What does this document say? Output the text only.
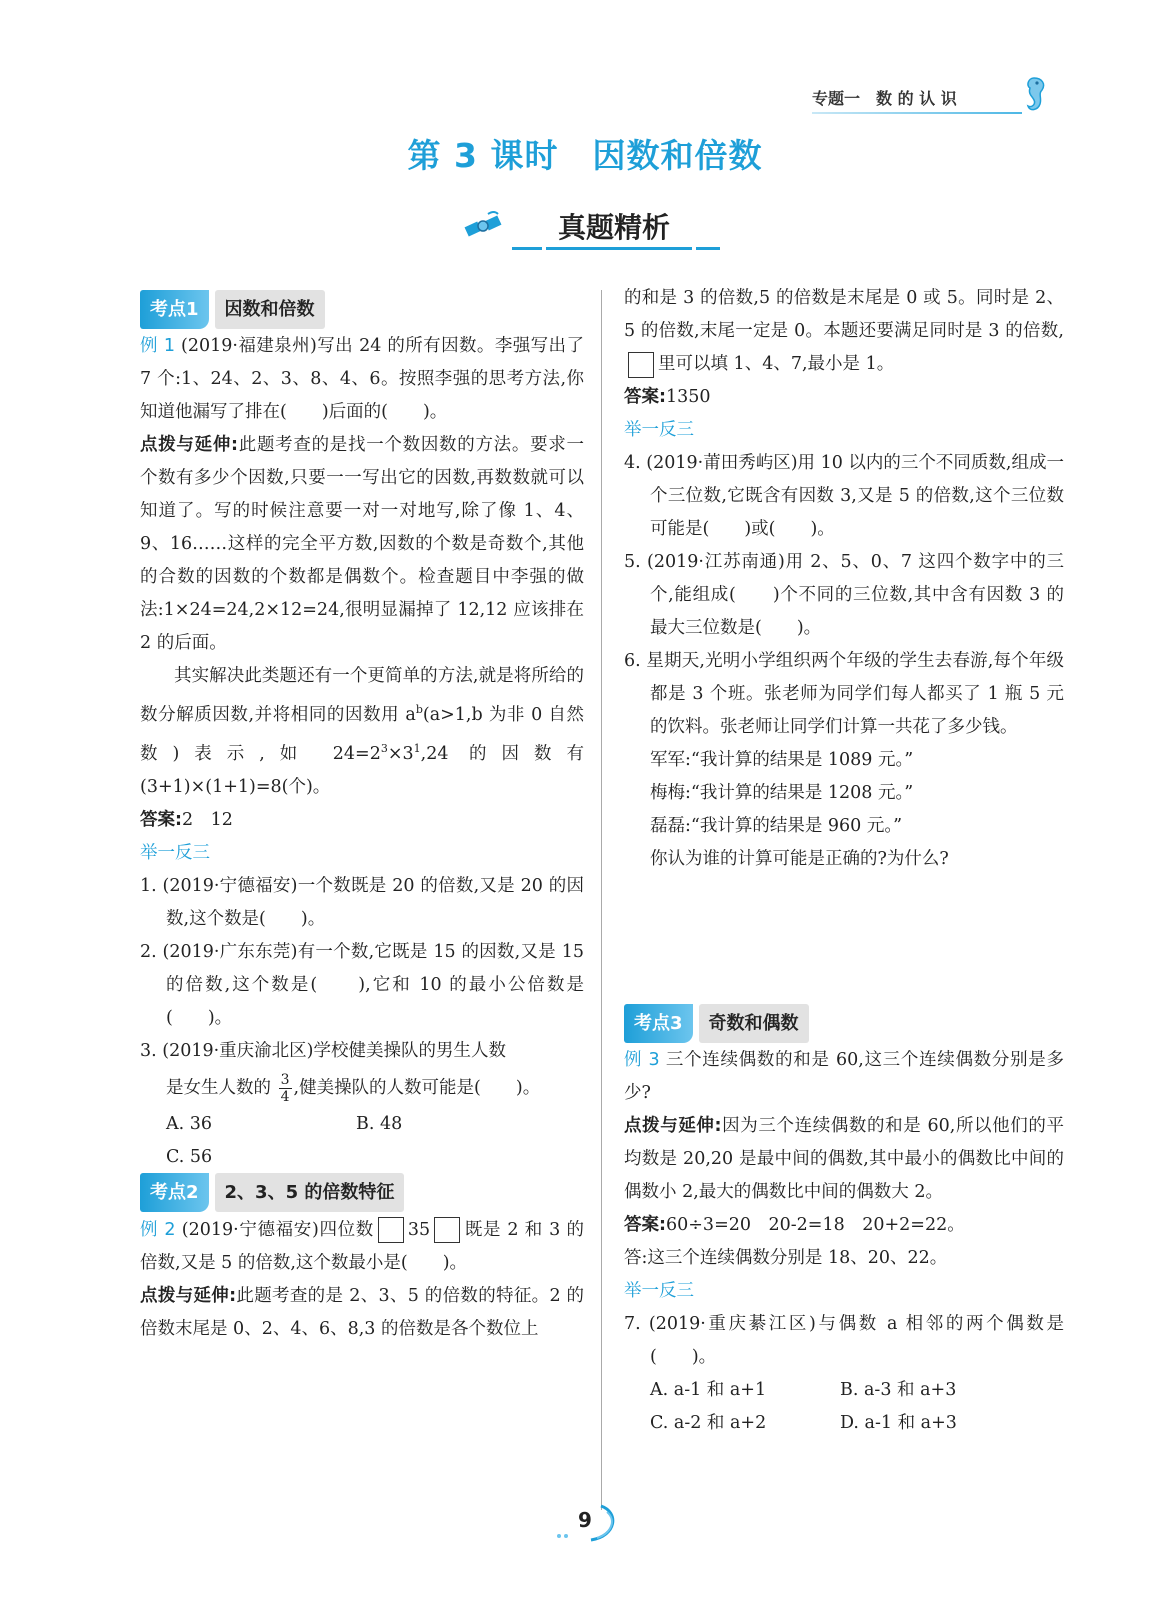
专题一　数 的 认 识
第 3 课时　因数和倍数
真题精析
考点1	因数和倍数

例 1 (2019·福建泉州)写出 24 的所有因数。李强写出了 7 个:1、24、2、3、8、4、6。按照李强的思考方法,你知道他漏写了排在(　　)后面的(　　)。

点拨与延伸:此题考查的是找一个数因数的方法。要求一个数有多少个因数,只要一一写出它的因数,再数数就可以知道了。写的时候注意要一对一对地写,除了像 1、4、9、16……这样的完全平方数,因数的个数是奇数个,其他的合数的因数的个数都是偶数个。检查题目中李强的做法:1×24=24,2×12=24,很明显漏掉了 12,12 应该排在 2 的后面。

其实解决此类题还有一个更简单的方法,就是将所给的数分解质因数,并将相同的因数用 $a^b(a>1,b$ 为非 0 自然数)表示,如 $24=2^3\times 3^1,24$ 的因数有(3+1)×(1+1)=8(个)。

答案:2　12

举一反三

1. (2019·宁德福安)一个数既是 20 的倍数,又是 20 的因数,这个数是(　　)。

2. (2019·广东东莞)有一个数,它既是 15 的因数,又是 15 的倍数,这个数是(　　),它和 10 的最小公倍数是(　　)。

3. (2019·重庆渝北区)学校健美操队的男生人数

是女生人数的 $\frac{3}{4}$ ,健美操队的人数可能是(　　)。

A. 36	B. 48
C. 56
考点2	2、3、5 的倍数特征

例 2 (2019·宁德福安)四位数 35 既是 2 和 3 的倍数,又是 5 的倍数,这个数最小是(　　)。

点拨与延伸:此题考查的是 2、3、5 的倍数的特征。2 的倍数末尾是 0、2、4、6、8,3 的倍数是各个数位上

的和是 3 的倍数,5 的倍数是末尾是 0 或 5。同时是 2、5 的倍数,末尾一定是 0。本题还要满足同时是 3 的倍数,里可以填 1、4、7,最小是 1。

答案:1350

举一反三

4. (2019·莆田秀屿区)用 10 以内的三个不同质数,组成一个三位数,它既含有因数 3,又是 5 的倍数,这个三位数可能是(　　)或(　　)。

5. (2019·江苏南通)用 2、5、0、7 这四个数字中的三个,能组成(　　)个不同的三位数,其中含有因数 3 的最大三位数是(　　)。

6. 星期天,光明小学组织两个年级的学生去春游,每个年级都是 3 个班。张老师为同学们每人都买了 1 瓶 5 元的饮料。张老师让同学们计算一共花了多少钱。

军军:“我计算的结果是 1089 元。”

梅梅:“我计算的结果是 1208 元。”

磊磊:“我计算的结果是 960 元。”

你认为谁的计算可能是正确的?为什么?

考点3	奇数和偶数

例 3 三个连续偶数的和是 60,这三个连续偶数分别是多少?

点拨与延伸:因为三个连续偶数的和是 60,所以他们的平均数是 20,20 是最中间的偶数,其中最小的偶数比中间的偶数小 2,最大的偶数比中间的偶数大 2。

答案:60÷3=20　20-2=18　20+2=22。

答:这三个连续偶数分别是 18、20、22。

举一反三

7. (2019·重庆綦江区)与偶数 a 相邻的两个偶数是(　　)。

A. a-1 和 a+1	B. a-3 和 a+3
C. a-2 和 a+2	D. a-1 和 a+3
9
